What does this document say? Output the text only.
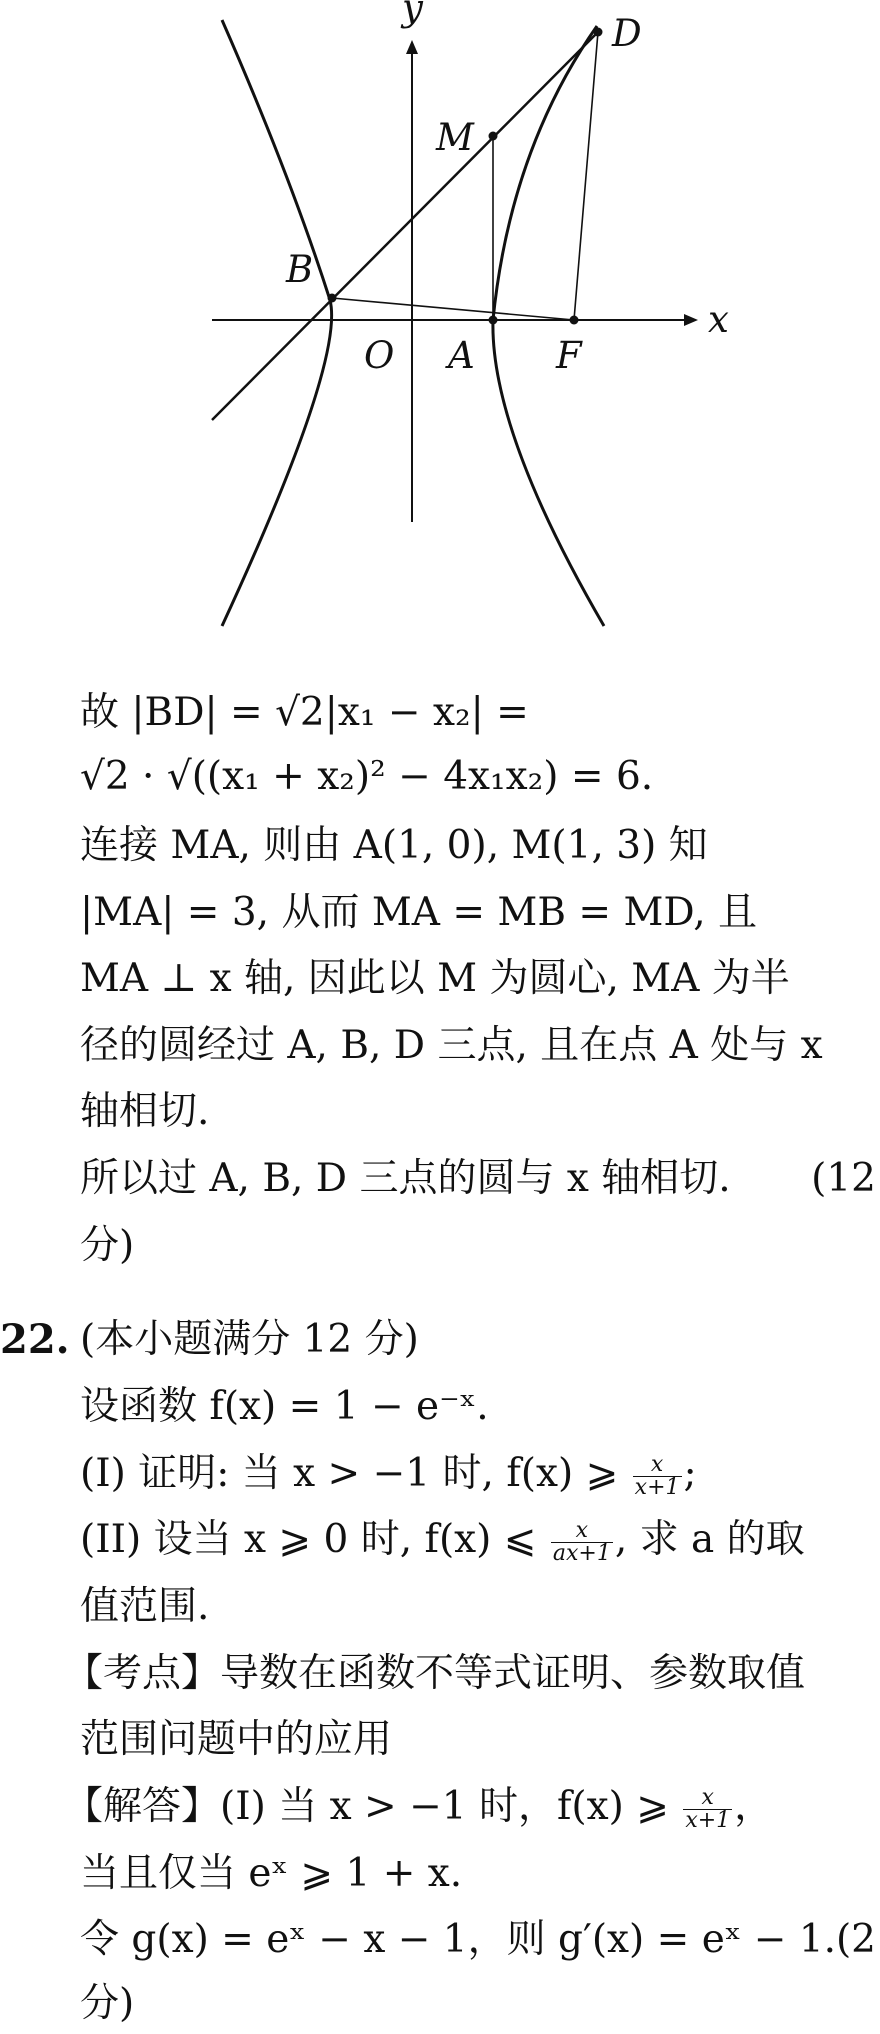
y
D
M
B
x
O A F
故 |BD| = √2|x₁ − x₂| =
√2 · √((x₁ + x₂)² − 4x₁x₂) = 6.
连接 MA, 则由 A(1, 0), M(1, 3) 知
|MA| = 3, 从而 MA = MB = MD, 且
MA ⊥ x 轴, 因此以 M 为圆心, MA 为半
径的圆经过 A, B, D 三点, 且在点 A 处与 x
轴相切.
所以过 A, B, D 三点的圆与 x 轴相切. (12
分)
22. (本小题满分 12 分)
设函数 f(x) = 1 − e⁻ˣ.
(I) 证明: 当 x > −1 时, f(x) ⩾ $\frac{x}{x+1}$ ;
(II) 设当 x ⩾ 0 时, f(x) ⩽ $\frac{x}{ax+1}$ , 求 a 的取
值范围.
【考点】导数在函数不等式证明、参数取值
范围问题中的应用
【解答】(I) 当 x > −1 时，f(x) ⩾ $\frac{x}{x+1}$ ，
当且仅当 eˣ ⩾ 1 + x.
令 g(x) = eˣ − x − 1，则 g′(x) = eˣ − 1. (2
分)
